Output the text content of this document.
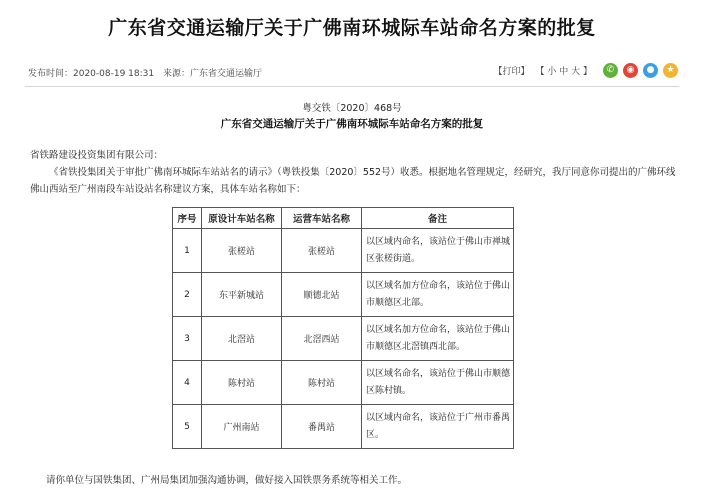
广东省交通运输厅关于广佛南环城际车站命名方案的批复
发布时间：2020-08-19 18:31 来源：广东省交通运输厅	【打印】 【 小 中 大 】	✆	◉	●	★
粤交铁〔2020〕468号
广东省交通运输厅关于广佛南环城际车站命名方案的批复
省铁路建设投资集团有限公司：
《省铁投集团关于审批广佛南环城际车站站名的请示》（粤铁投集〔2020〕552号）收悉。根据地名管理规定，经研究，我厅同意你司提出的广佛环线佛山西站至广州南段车站设站名称建议方案，具体车站名称如下：
序号	原设计车站名称	运营车站名称	备注
1	张槎站	张槎站	以区域内命名，该站位于佛山市禅城区张槎街道。
2	东平新城站	顺德北站	以区域名加方位命名，该站位于佛山市顺德区北部。
3	北滘站	北滘西站	以区域名加方位命名，该站位于佛山市顺德区北滘镇西北部。
4	陈村站	陈村站	以区域名命名，该站位于佛山市顺德区陈村镇。
5	广州南站	番禺站	以区域内命名，该站位于广州市番禺区。
请你单位与国铁集团、广州局集团加强沟通协调，做好接入国铁票务系统等相关工作。
